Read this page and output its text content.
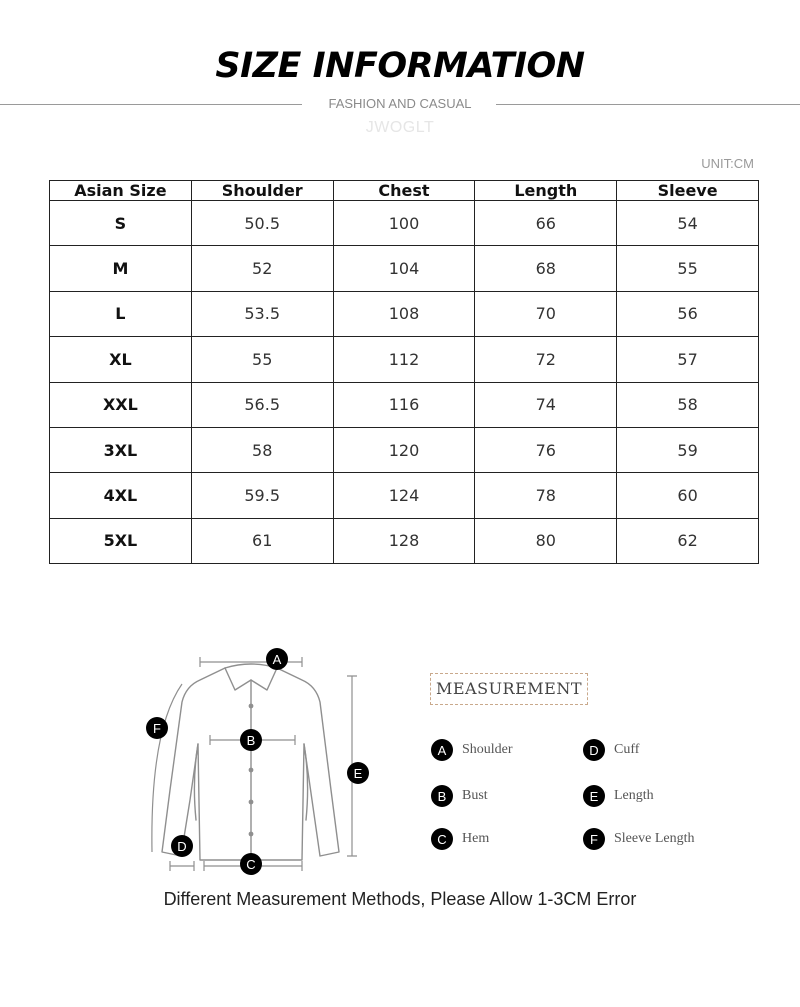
SIZE INFORMATION
FASHION AND CASUAL
JWOGLT
UNIT:CM
Asian Size	Shoulder	Chest	Length	Sleeve
S	50.5	100	66	54
M	52	104	68	55
L	53.5	108	70	56
XL	55	112	72	57
XXL	56.5	116	74	58
3XL	58	120	76	59
4XL	59.5	124	78	60
5XL	61	128	80	62
A
B
C
D
E
F
MEASUREMENT
A	Shoulder
B	Bust
C	Hem
D	Cuff
E	Length
F	Sleeve Length
Different Measurement Methods, Please Allow 1-3CM Error
